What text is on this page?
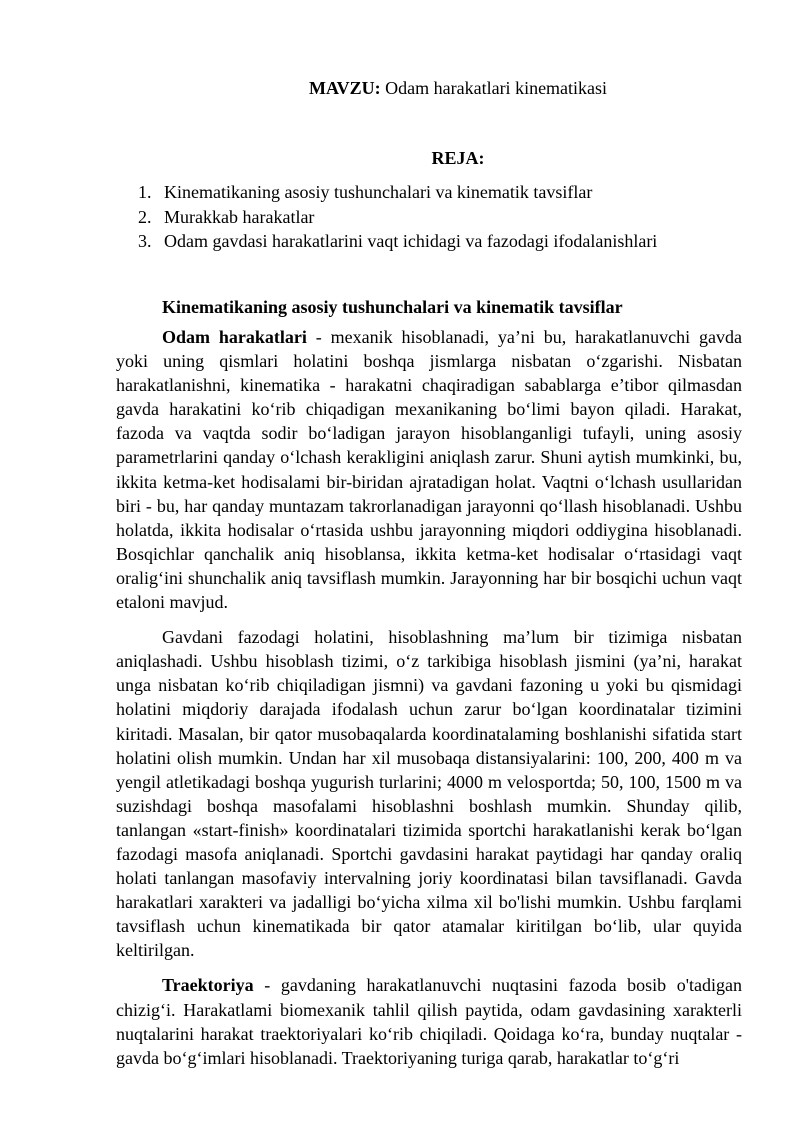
MAVZU: Odam harakatlari kinematikasi
REJA:
1. Kinematikaning asosiy tushunchalari va kinematik tavsiflar
2. Murakkab harakatlar
3. Odam gavdasi harakatlarini vaqt ichidagi va fazodagi ifodalanishlari
Kinematikaning asosiy tushunchalari va kinematik tavsiflar

Odam harakatlari - mexanik hisoblanadi, ya’ni bu, harakatlanuvchi gavda yoki uning qismlari holatini boshqa jismlarga nisbatan o‘zgarishi. Nisbatan harakatlanishni, kinematika - harakatni chaqiradigan sabablarga e’tibor qilmasdan gavda harakatini ko‘rib chiqadigan mexanikaning bo‘limi bayon qiladi. Harakat, fazoda va vaqtda sodir bo‘ladigan jarayon hisoblanganligi tufayli, uning asosiy parametrlarini qanday o‘lchash kerakligini aniqlash zarur. Shuni aytish mumkinki, bu, ikkita ketma-ket hodisalami bir-biridan ajratadigan holat. Vaqtni o‘lchash usullaridan biri - bu, har qanday muntazam takrorlanadigan jarayonni qo‘llash hisoblanadi. Ushbu holatda, ikkita hodisalar o‘rtasida ushbu jarayonning miqdori oddiygina hisoblanadi. Bosqichlar qanchalik aniq hisoblansa, ikkita ketma-ket hodisalar o‘rtasidagi vaqt oralig‘ini shunchalik aniq tavsiflash mumkin. Jarayonning har bir bosqichi uchun vaqt etaloni mavjud.

Gavdani fazodagi holatini, hisoblashning ma’lum bir tizimiga nisbatan aniqlashadi. Ushbu hisoblash tizimi, o‘z tarkibiga hisoblash jismini (ya’ni, harakat unga nisbatan ko‘rib chiqiladigan jismni) va gavdani fazoning u yoki bu qismidagi holatini miqdoriy darajada ifodalash uchun zarur bo‘lgan koordinatalar tizimini kiritadi. Masalan, bir qator musobaqalarda koordinatalaming boshlanishi sifatida start holatini olish mumkin. Undan har xil musobaqa distansiyalarini: 100, 200, 400 m va yengil atletikadagi boshqa yugurish turlarini; 4000 m velosportda; 50, 100, 1500 m va suzishdagi boshqa masofalami hisoblashni boshlash mumkin. Shunday qilib, tanlangan «start-finish» koordinatalari tizimida sportchi harakatlanishi kerak bo‘lgan fazodagi masofa aniqlanadi. Sportchi gavdasini harakat paytidagi har qanday oraliq holati tanlangan masofaviy intervalning joriy koordinatasi bilan tavsiflanadi. Gavda harakatlari xarakteri va jadalligi bo‘yicha xilma xil bo'lishi mumkin. Ushbu farqlami tavsiflash uchun kinematikada bir qator atamalar kiritilgan bo‘lib, ular quyida keltirilgan.

Traektoriya - gavdaning harakatlanuvchi nuqtasini fazoda bosib o'tadigan chizig‘i. Harakatlami biomexanik tahlil qilish paytida, odam gavdasining xarakterli nuqtalarini harakat traektoriyalari ko‘rib chiqiladi. Qoidaga ko‘ra, bunday nuqtalar - gavda bo‘g‘imlari hisoblanadi. Traektoriyaning turiga qarab, harakatlar to‘g‘ri
